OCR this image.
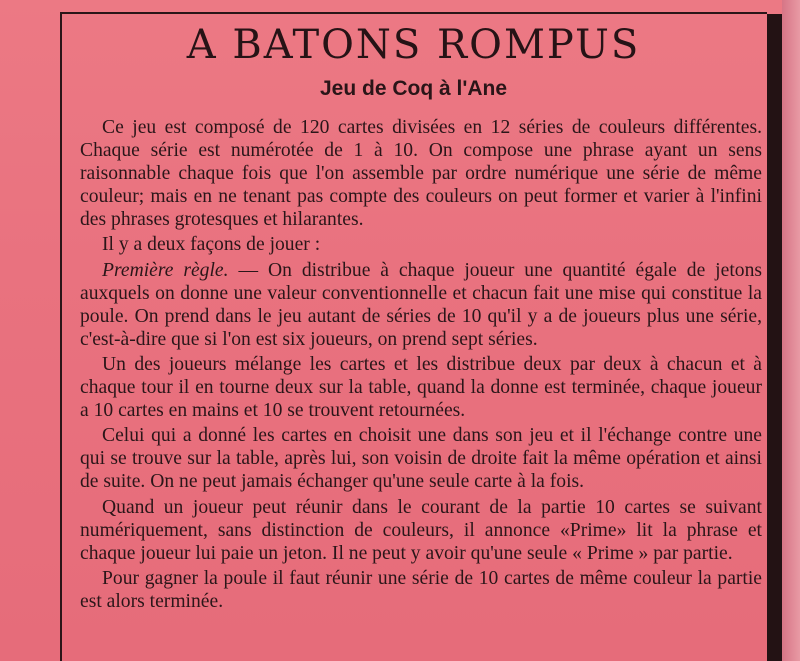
A BATONS ROMPUS
Jeu de Coq à l'Ane

Ce jeu est composé de 120 cartes divisées en 12 séries de couleurs différentes. Chaque série est numérotée de 1 à 10. On compose une phrase ayant un sens raisonnable chaque fois que l'on assemble par ordre numérique une série de même couleur; mais en ne tenant pas compte des couleurs on peut former et varier à l'infini des phrases grotesques et hilarantes.

Il y a deux façons de jouer :

Première règle. — On distribue à chaque joueur une quantité égale de jetons auxquels on donne une valeur conventionnelle et chacun fait une mise qui constitue la poule. On prend dans le jeu autant de séries de 10 qu'il y a de joueurs plus une série, c'est-à-dire que si l'on est six joueurs, on prend sept séries.

Un des joueurs mélange les cartes et les distribue deux par deux à chacun et à chaque tour il en tourne deux sur la table, quand la donne est terminée, chaque joueur a 10 cartes en mains et 10 se trouvent retournées.

Celui qui a donné les cartes en choisit une dans son jeu et il l'échange contre une qui se trouve sur la table, après lui, son voisin de droite fait la même opération et ainsi de suite. On ne peut jamais échanger qu'une seule carte à la fois.

Quand un joueur peut réunir dans le courant de la partie 10 cartes se suivant numériquement, sans distinction de couleurs, il annonce «Prime» lit la phrase et chaque joueur lui paie un jeton. Il ne peut y avoir qu'une seule « Prime » par partie.

Pour gagner la poule il faut réunir une série de 10 cartes de même couleur la partie est alors terminée.
